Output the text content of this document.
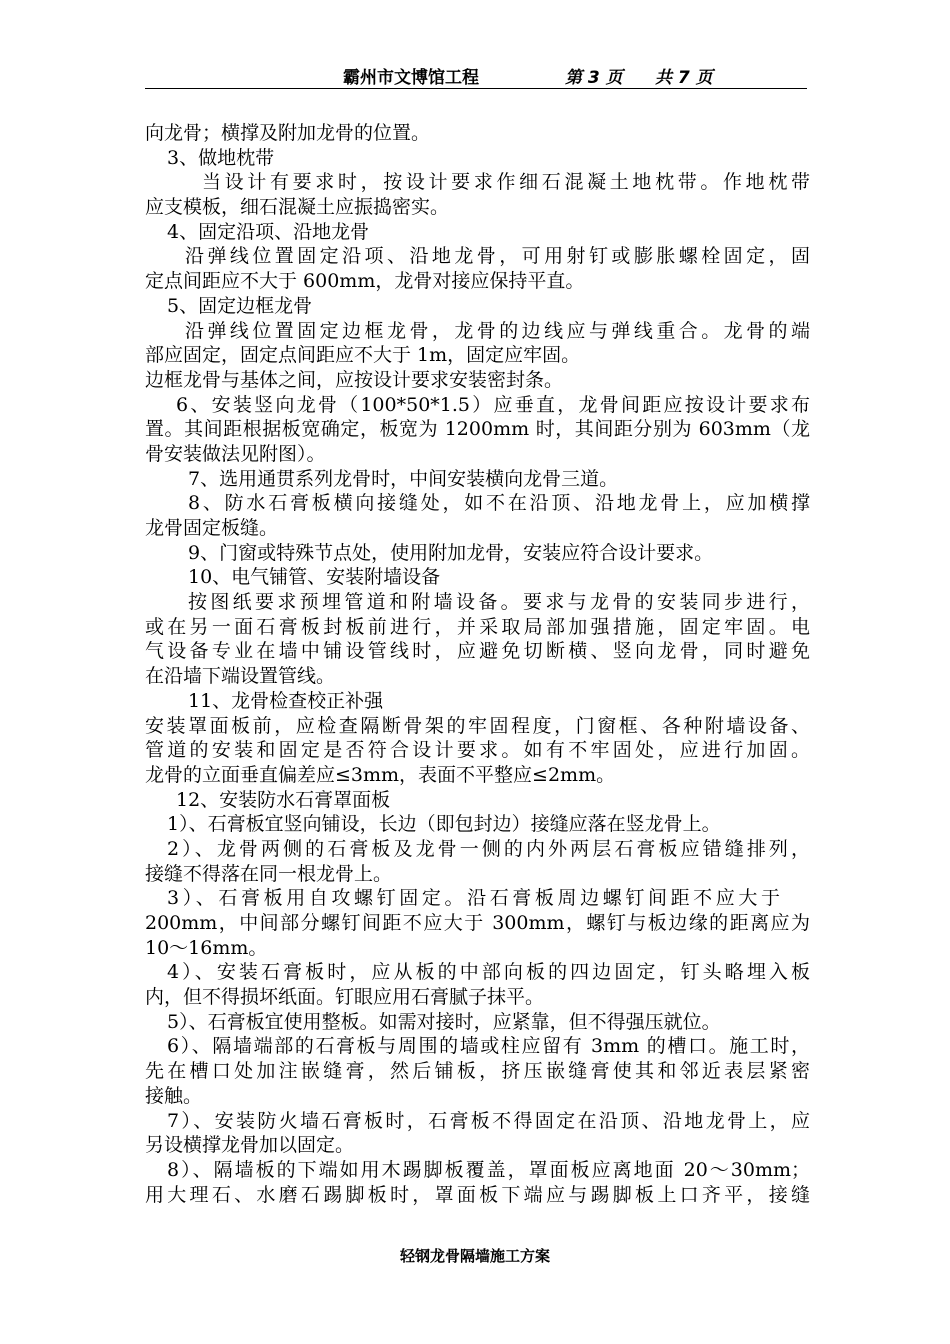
霸州市文博馆工程	第 3 页 共 7 页
向龙骨；横撑及附加龙骨的位置。
3、做地枕带
当设计有要求时，按设计要求作细石混凝土地枕带。作地枕带
应支模板，细石混凝土应振捣密实。
4、固定沿项、沿地龙骨
沿弹线位置固定沿项、沿地龙骨，可用射钉或膨胀螺栓固定，固
定点间距应不大于 600mm，龙骨对接应保持平直。
5、固定边框龙骨
沿弹线位置固定边框龙骨，龙骨的边线应与弹线重合。龙骨的端
部应固定，固定点间距应不大于 1m，固定应牢固。
边框龙骨与基体之间，应按设计要求安装密封条。
6、安装竖向龙骨（100*50*1.5）应垂直，龙骨间距应按设计要求布
置。其间距根据板宽确定，板宽为 1200mm 时，其间距分别为 603mm（龙
骨安装做法见附图）。
7、选用通贯系列龙骨时，中间安装横向龙骨三道。
8、防水石膏板横向接缝处，如不在沿顶、沿地龙骨上，应加横撑
龙骨固定板缝。
9、门窗或特殊节点处，使用附加龙骨，安装应符合设计要求。
10、电气铺管、安装附墙设备
按图纸要求预埋管道和附墙设备。要求与龙骨的安装同步进行，
或在另一面石膏板封板前进行，并采取局部加强措施，固定牢固。电
气设备专业在墙中铺设管线时，应避免切断横、竖向龙骨，同时避免
在沿墙下端设置管线。
11、龙骨检查校正补强
安装罩面板前，应检查隔断骨架的牢固程度，门窗框、各种附墙设备、
管道的安装和固定是否符合设计要求。如有不牢固处，应进行加固。
龙骨的立面垂直偏差应≤3mm，表面不平整应≤2mm。
12、安装防水石膏罩面板
1）、石膏板宜竖向铺设，长边（即包封边）接缝应落在竖龙骨上。
2）、龙骨两侧的石膏板及龙骨一侧的内外两层石膏板应错缝排列，
接缝不得落在同一根龙骨上。
3）、石膏板用自攻螺钉固定。沿石膏板周边螺钉间距不应大于
200mm，中间部分螺钉间距不应大于 300mm，螺钉与板边缘的距离应为
10～16mm。
4）、安装石膏板时，应从板的中部向板的四边固定，钉头略埋入板
内，但不得损坏纸面。钉眼应用石膏腻子抹平。
5）、石膏板宜使用整板。如需对接时，应紧靠，但不得强压就位。
6）、隔墙端部的石膏板与周围的墙或柱应留有 3mm 的槽口。施工时，
先在槽口处加注嵌缝膏，然后铺板，挤压嵌缝膏使其和邻近表层紧密
接触。
7）、安装防火墙石膏板时，石膏板不得固定在沿顶、沿地龙骨上，应
另设横撑龙骨加以固定。
8）、隔墙板的下端如用木踢脚板覆盖，罩面板应离地面 20～30mm；
用大理石、水磨石踢脚板时，罩面板下端应与踢脚板上口齐平，接缝
轻钢龙骨隔墙施工方案
